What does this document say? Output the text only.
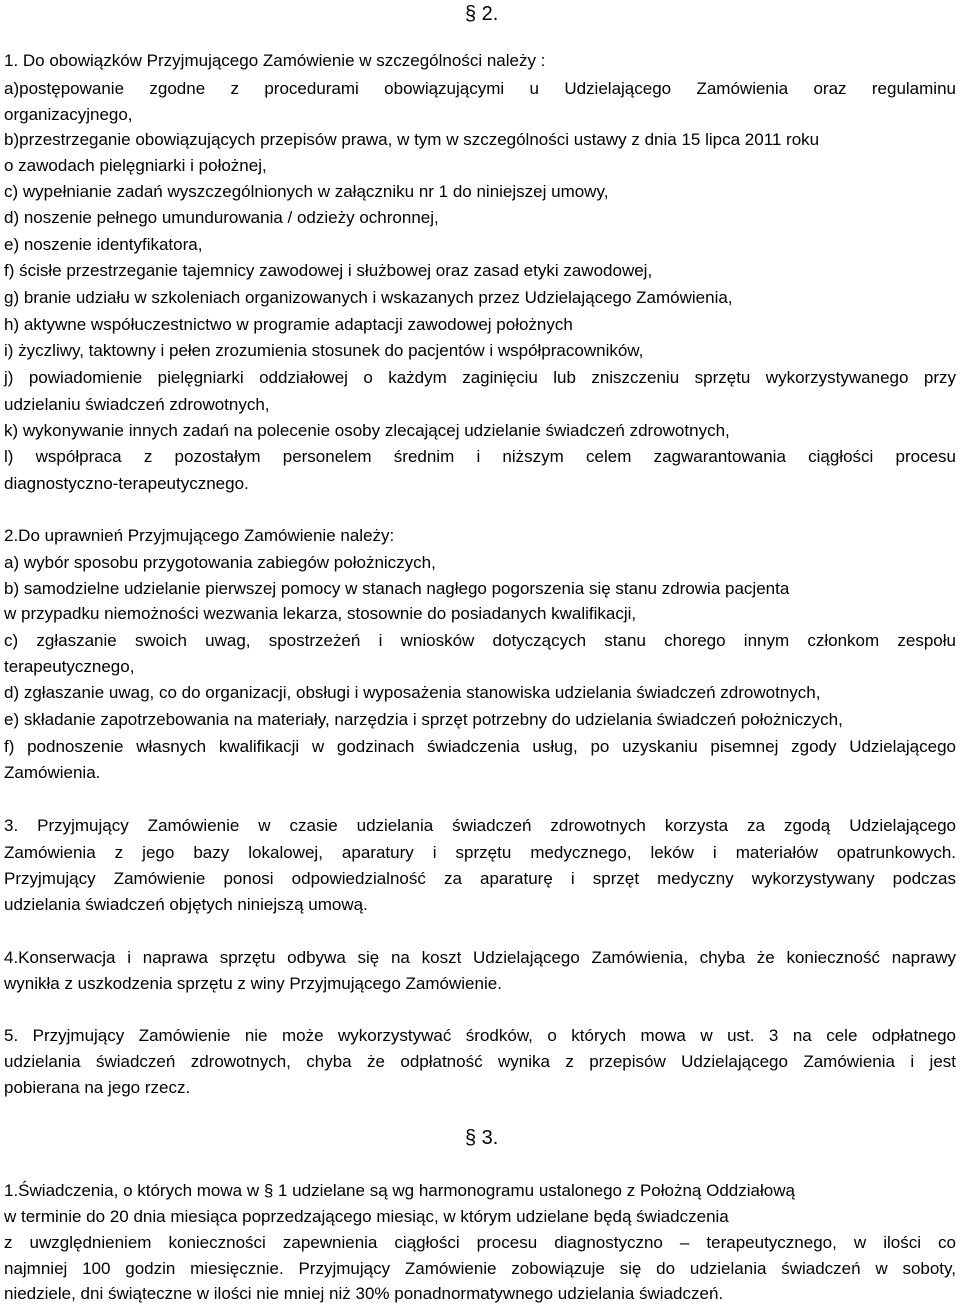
§ 2.
1. Do obowiązków Przyjmującego Zamówienie w szczególności należy :
a)postępowanie zgodne z procedurami obowiązującymi u Udzielającego Zamówienia oraz regulaminu
organizacyjnego,
b)przestrzeganie obowiązujących przepisów prawa, w tym w szczególności ustawy z dnia 15 lipca 2011 roku
o zawodach pielęgniarki i położnej,
c) wypełnianie zadań wyszczególnionych w załączniku nr 1 do niniejszej umowy,
d) noszenie pełnego umundurowania / odzieży ochronnej,
e) noszenie identyfikatora,
f) ścisłe przestrzeganie tajemnicy zawodowej i służbowej oraz zasad etyki zawodowej,
g) branie udziału w szkoleniach organizowanych i wskazanych przez Udzielającego Zamówienia,
h) aktywne współuczestnictwo w programie adaptacji zawodowej położnych
i) życzliwy, taktowny i pełen zrozumienia stosunek do pacjentów i współpracowników,
j) powiadomienie pielęgniarki oddziałowej o każdym zaginięciu lub zniszczeniu sprzętu wykorzystywanego przy
udzielaniu świadczeń zdrowotnych,
k) wykonywanie innych zadań na polecenie osoby zlecającej udzielanie świadczeń zdrowotnych,
l) współpraca z pozostałym personelem średnim i niższym celem zagwarantowania ciągłości procesu
diagnostyczno-terapeutycznego.
2.Do uprawnień Przyjmującego Zamówienie należy:
a) wybór sposobu przygotowania zabiegów położniczych,
b) samodzielne udzielanie pierwszej pomocy w stanach nagłego pogorszenia się stanu zdrowia pacjenta
w przypadku niemożności wezwania lekarza, stosownie do posiadanych kwalifikacji,
c) zgłaszanie swoich uwag, spostrzeżeń i wniosków dotyczących stanu chorego innym członkom zespołu
terapeutycznego,
d) zgłaszanie uwag, co do organizacji, obsługi i wyposażenia stanowiska udzielania świadczeń zdrowotnych,
e) składanie zapotrzebowania na materiały, narzędzia i sprzęt potrzebny do udzielania świadczeń położniczych,
f) podnoszenie własnych kwalifikacji w godzinach świadczenia usług, po uzyskaniu pisemnej zgody Udzielającego
Zamówienia.
3. Przyjmujący Zamówienie w czasie udzielania świadczeń zdrowotnych korzysta za zgodą Udzielającego
Zamówienia z jego bazy lokalowej, aparatury i sprzętu medycznego, leków i materiałów opatrunkowych.
Przyjmujący Zamówienie ponosi odpowiedzialność za aparaturę i sprzęt medyczny wykorzystywany podczas
udzielania świadczeń objętych niniejszą umową.
4.Konserwacja i naprawa sprzętu odbywa się na koszt Udzielającego Zamówienia, chyba że konieczność naprawy
wynikła z uszkodzenia sprzętu z winy Przyjmującego Zamówienie.
5. Przyjmujący Zamówienie nie może wykorzystywać środków, o których mowa w ust. 3 na cele odpłatnego
udzielania świadczeń zdrowotnych, chyba że odpłatność wynika z przepisów Udzielającego Zamówienia i jest
pobierana na jego rzecz.
§ 3.
1.Świadczenia, o których mowa w § 1 udzielane są wg harmonogramu ustalonego z Położną Oddziałową
w terminie do 20 dnia miesiąca poprzedzającego miesiąc, w którym udzielane będą świadczenia
z uwzględnieniem konieczności zapewnienia ciągłości procesu diagnostyczno – terapeutycznego, w ilości co
najmniej 100 godzin miesięcznie. Przyjmujący Zamówienie zobowiązuje się do udzielania świadczeń w soboty,
niedziele, dni świąteczne w ilości nie mniej niż 30% ponadnormatywnego udzielania świadczeń.
